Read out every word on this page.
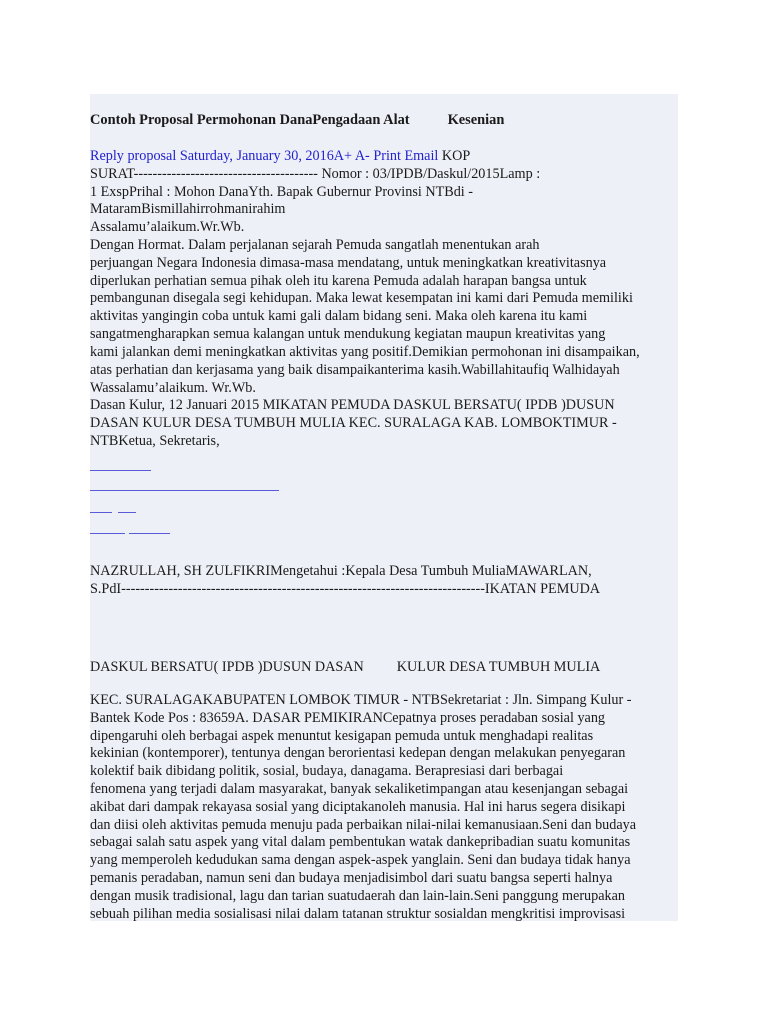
Contoh Proposal Permohonan DanaPengadaan Alat	Kesenian

Reply proposal Saturday, January 30, 2016A+ A- Print Email KOP

SURAT--------------------------------------- Nomor : 03/IPDB/Daskul/2015Lamp :

1 ExspPrihal : Mohon DanaYth. Bapak Gubernur Provinsi NTBdi -

MataramBismillahirrohmanirahim

Assalamu’alaikum.Wr.Wb.

Dengan Hormat. Dalam perjalanan sejarah Pemuda sangatlah menentukan arah

perjuangan Negara Indonesia dimasa-masa mendatang, untuk meningkatkan kreativitasnya

diperlukan perhatian semua pihak oleh itu karena Pemuda adalah harapan bangsa untuk

pembangunan disegala segi kehidupan. Maka lewat kesempatan ini kami dari Pemuda memiliki

aktivitas yangingin coba untuk kami gali dalam bidang seni. Maka oleh karena itu kami

sangatmengharapkan semua kalangan untuk mendukung kegiatan maupun kreativitas yang

kami jalankan demi meningkatkan aktivitas yang positif.Demikian permohonan ini disampaikan,

atas perhatian dan kerjasama yang baik disampaikanterima kasih.Wabillahitaufiq Walhidayah

Wassalamu’alaikum. Wr.Wb.

Dasan Kulur, 12 Januari 2015 MIKATAN PEMUDA DASKUL BERSATU( IPDB )DUSUN

DASAN KULUR DESA TUMBUH MULIA KEC. SURALAGA KAB. LOMBOKTIMUR -

NTBKetua, Sekretaris,

NAZRULLAH, SH ZULFIKRIMengetahui :Kepala Desa Tumbuh MuliaMAWARLAN,

S.PdI-----------------------------------------------------------------------------IKATAN PEMUDA

DASKUL BERSATU( IPDB )DUSUN DASAN KULUR DESA TUMBUH MULIA

KEC. SURALAGAKABUPATEN LOMBOK TIMUR - NTBSekretariat : Jln. Simpang Kulur -

Bantek Kode Pos : 83659A. DASAR PEMIKIRANCepatnya proses peradaban sosial yang

dipengaruhi oleh berbagai aspek menuntut kesigapan pemuda untuk menghadapi realitas

kekinian (kontemporer), tentunya dengan berorientasi kedepan dengan melakukan penyegaran

kolektif baik dibidang politik, sosial, budaya, danagama. Berapresiasi dari berbagai

fenomena yang terjadi dalam masyarakat, banyak sekaliketimpangan atau kesenjangan sebagai

akibat dari dampak rekayasa sosial yang diciptakanoleh manusia. Hal ini harus segera disikapi

dan diisi oleh aktivitas pemuda menuju pada perbaikan nilai-nilai kemanusiaan.Seni dan budaya

sebagai salah satu aspek yang vital dalam pembentukan watak dankepribadian suatu komunitas

yang memperoleh kedudukan sama dengan aspek-aspek yanglain. Seni dan budaya tidak hanya

pemanis peradaban, namun seni dan budaya menjadisimbol dari suatu bangsa seperti halnya

dengan musik tradisional, lagu dan tarian suatudaerah dan lain-lain.Seni panggung merupakan

sebuah pilihan media sosialisasi nilai dalam tatanan struktur sosialdan mengkritisi improvisasi
